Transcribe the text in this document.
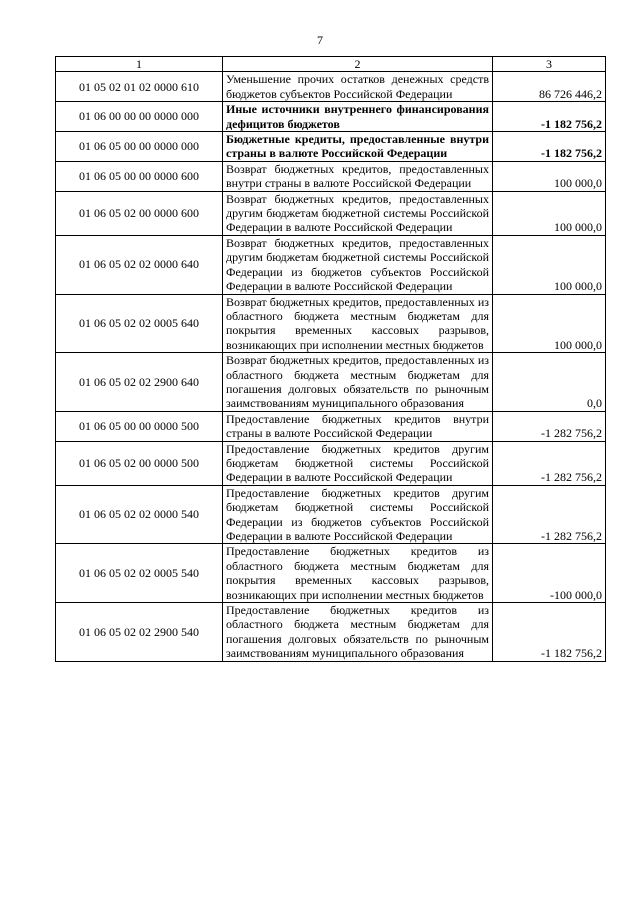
7
1	2	3
01 05 02 01 02 0000 610	Уменьшение прочих остатков денежных средств бюджетов субъектов Российской Федерации	86 726 446,2
01 06 00 00 00 0000 000	Иные источники внутреннего финансирования дефицитов бюджетов	-1 182 756,2
01 06 05 00 00 0000 000	Бюджетные кредиты, предоставленные внутри страны в валюте Российской Федерации	-1 182 756,2
01 06 05 00 00 0000 600	Возврат бюджетных кредитов, предоставленных внутри страны в валюте Российской Федерации	100 000,0
01 06 05 02 00 0000 600	Возврат бюджетных кредитов, предоставленных другим бюджетам бюджетной системы Российской Федерации в валюте Российской Федерации	100 000,0
01 06 05 02 02 0000 640	Возврат бюджетных кредитов, предоставленных другим бюджетам бюджетной системы Российской Федерации из бюджетов субъектов Российской Федерации в валюте Российской Федерации	100 000,0
01 06 05 02 02 0005 640	Возврат бюджетных кредитов, предоставленных из областного бюджета местным бюджетам для покрытия временных кассовых разрывов, возникающих при исполнении местных бюджетов	100 000,0
01 06 05 02 02 2900 640	Возврат бюджетных кредитов, предоставленных из областного бюджета местным бюджетам для погашения долговых обязательств по рыночным заимствованиям муниципального образования	0,0
01 06 05 00 00 0000 500	Предоставление бюджетных кредитов внутри страны в валюте Российской Федерации	-1 282 756,2
01 06 05 02 00 0000 500	Предоставление бюджетных кредитов другим бюджетам бюджетной системы Российской Федерации в валюте Российской Федерации	-1 282 756,2
01 06 05 02 02 0000 540	Предоставление бюджетных кредитов другим бюджетам бюджетной системы Российской Федерации из бюджетов субъектов Российской Федерации в валюте Российской Федерации	-1 282 756,2
01 06 05 02 02 0005 540	Предоставление бюджетных кредитов из областного бюджета местным бюджетам для покрытия временных кассовых разрывов, возникающих при исполнении местных бюджетов	-100 000,0
01 06 05 02 02 2900 540	Предоставление бюджетных кредитов из областного бюджета местным бюджетам для погашения долговых обязательств по рыночным заимствованиям муниципального образования	-1 182 756,2
